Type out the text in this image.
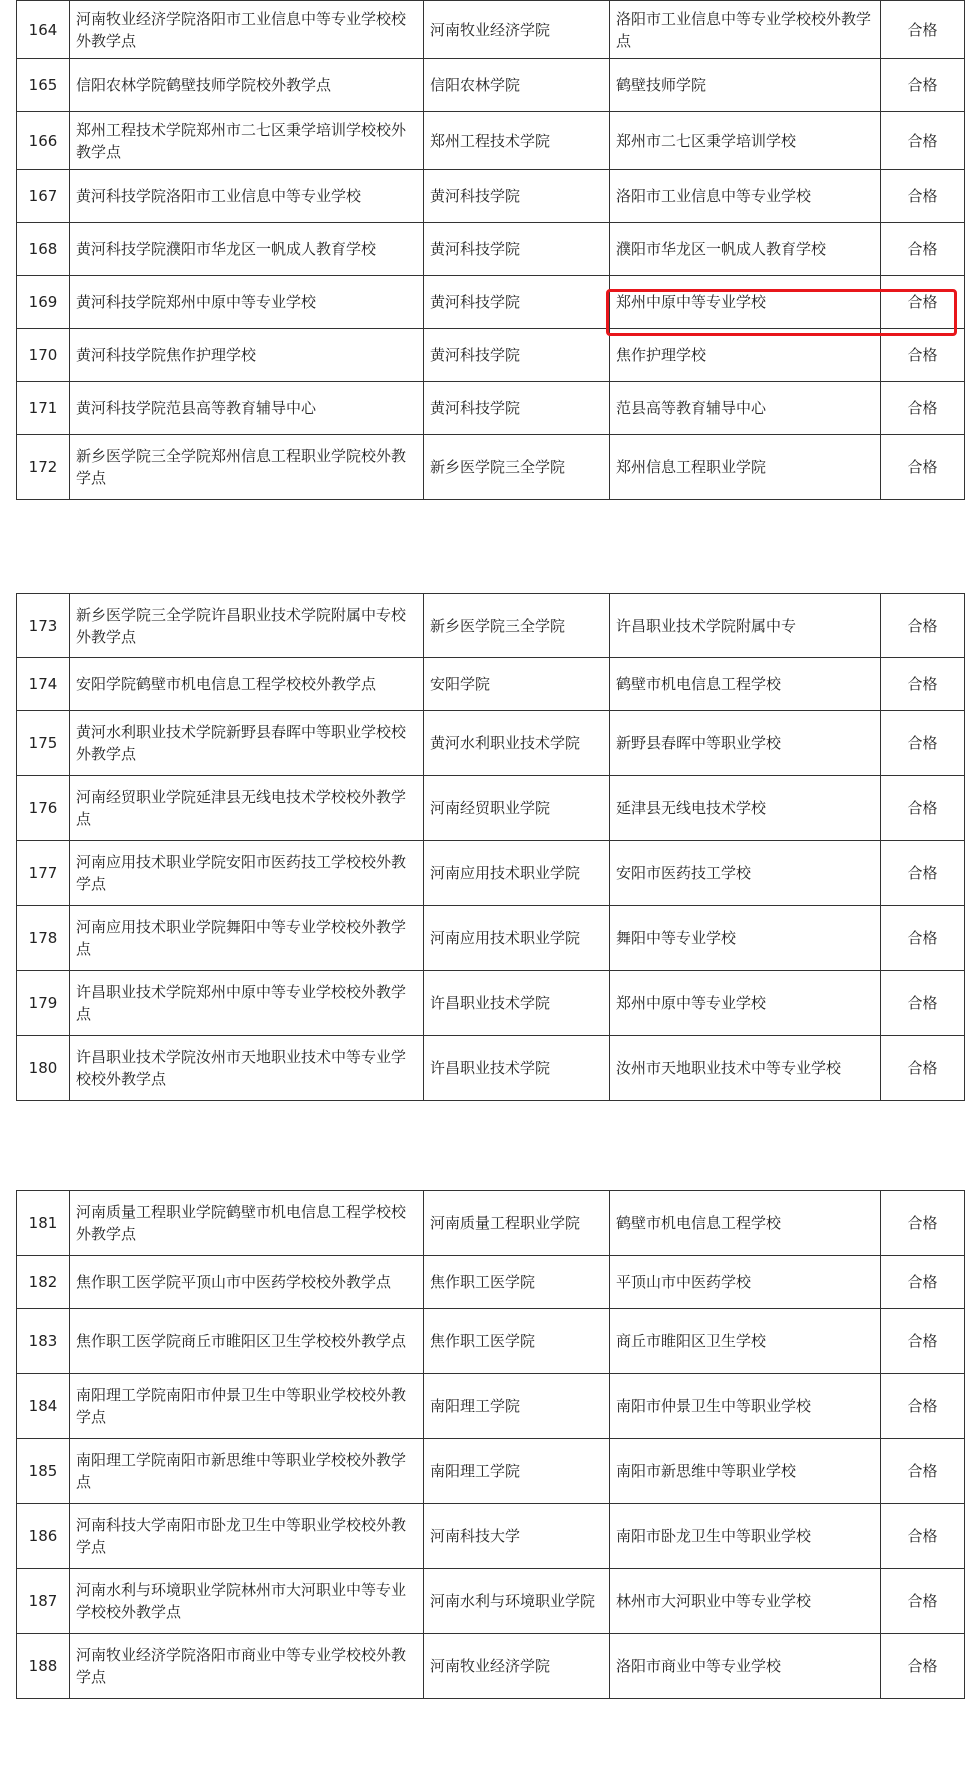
164	河南牧业经济学院洛阳市工业信息中等专业学校校外教学点	河南牧业经济学院	洛阳市工业信息中等专业学校校外教学点	合格
165	信阳农林学院鹤壁技师学院校外教学点	信阳农林学院	鹤壁技师学院	合格
166	郑州工程技术学院郑州市二七区秉学培训学校校外教学点	郑州工程技术学院	郑州市二七区秉学培训学校	合格
167	黄河科技学院洛阳市工业信息中等专业学校	黄河科技学院	洛阳市工业信息中等专业学校	合格
168	黄河科技学院濮阳市华龙区一帆成人教育学校	黄河科技学院	濮阳市华龙区一帆成人教育学校	合格
169	黄河科技学院郑州中原中等专业学校	黄河科技学院	郑州中原中等专业学校	合格
170	黄河科技学院焦作护理学校	黄河科技学院	焦作护理学校	合格
171	黄河科技学院范县高等教育辅导中心	黄河科技学院	范县高等教育辅导中心	合格
172	新乡医学院三全学院郑州信息工程职业学院校外教学点	新乡医学院三全学院	郑州信息工程职业学院	合格
173	新乡医学院三全学院许昌职业技术学院附属中专校外教学点	新乡医学院三全学院	许昌职业技术学院附属中专	合格
174	安阳学院鹤壁市机电信息工程学校校外教学点	安阳学院	鹤壁市机电信息工程学校	合格
175	黄河水利职业技术学院新野县春晖中等职业学校校外教学点	黄河水利职业技术学院	新野县春晖中等职业学校	合格
176	河南经贸职业学院延津县无线电技术学校校外教学点	河南经贸职业学院	延津县无线电技术学校	合格
177	河南应用技术职业学院安阳市医药技工学校校外教学点	河南应用技术职业学院	安阳市医药技工学校	合格
178	河南应用技术职业学院舞阳中等专业学校校外教学点	河南应用技术职业学院	舞阳中等专业学校	合格
179	许昌职业技术学院郑州中原中等专业学校校外教学点	许昌职业技术学院	郑州中原中等专业学校	合格
180	许昌职业技术学院汝州市天地职业技术中等专业学校校外教学点	许昌职业技术学院	汝州市天地职业技术中等专业学校	合格
181	河南质量工程职业学院鹤壁市机电信息工程学校校外教学点	河南质量工程职业学院	鹤壁市机电信息工程学校	合格
182	焦作职工医学院平顶山市中医药学校校外教学点	焦作职工医学院	平顶山市中医药学校	合格
183	焦作职工医学院商丘市睢阳区卫生学校校外教学点	焦作职工医学院	商丘市睢阳区卫生学校	合格
184	南阳理工学院南阳市仲景卫生中等职业学校校外教学点	南阳理工学院	南阳市仲景卫生中等职业学校	合格
185	南阳理工学院南阳市新思维中等职业学校校外教学点	南阳理工学院	南阳市新思维中等职业学校	合格
186	河南科技大学南阳市卧龙卫生中等职业学校校外教学点	河南科技大学	南阳市卧龙卫生中等职业学校	合格
187	河南水利与环境职业学院林州市大河职业中等专业学校校外教学点	河南水利与环境职业学院	林州市大河职业中等专业学校	合格
188	河南牧业经济学院洛阳市商业中等专业学校校外教学点	河南牧业经济学院	洛阳市商业中等专业学校	合格
